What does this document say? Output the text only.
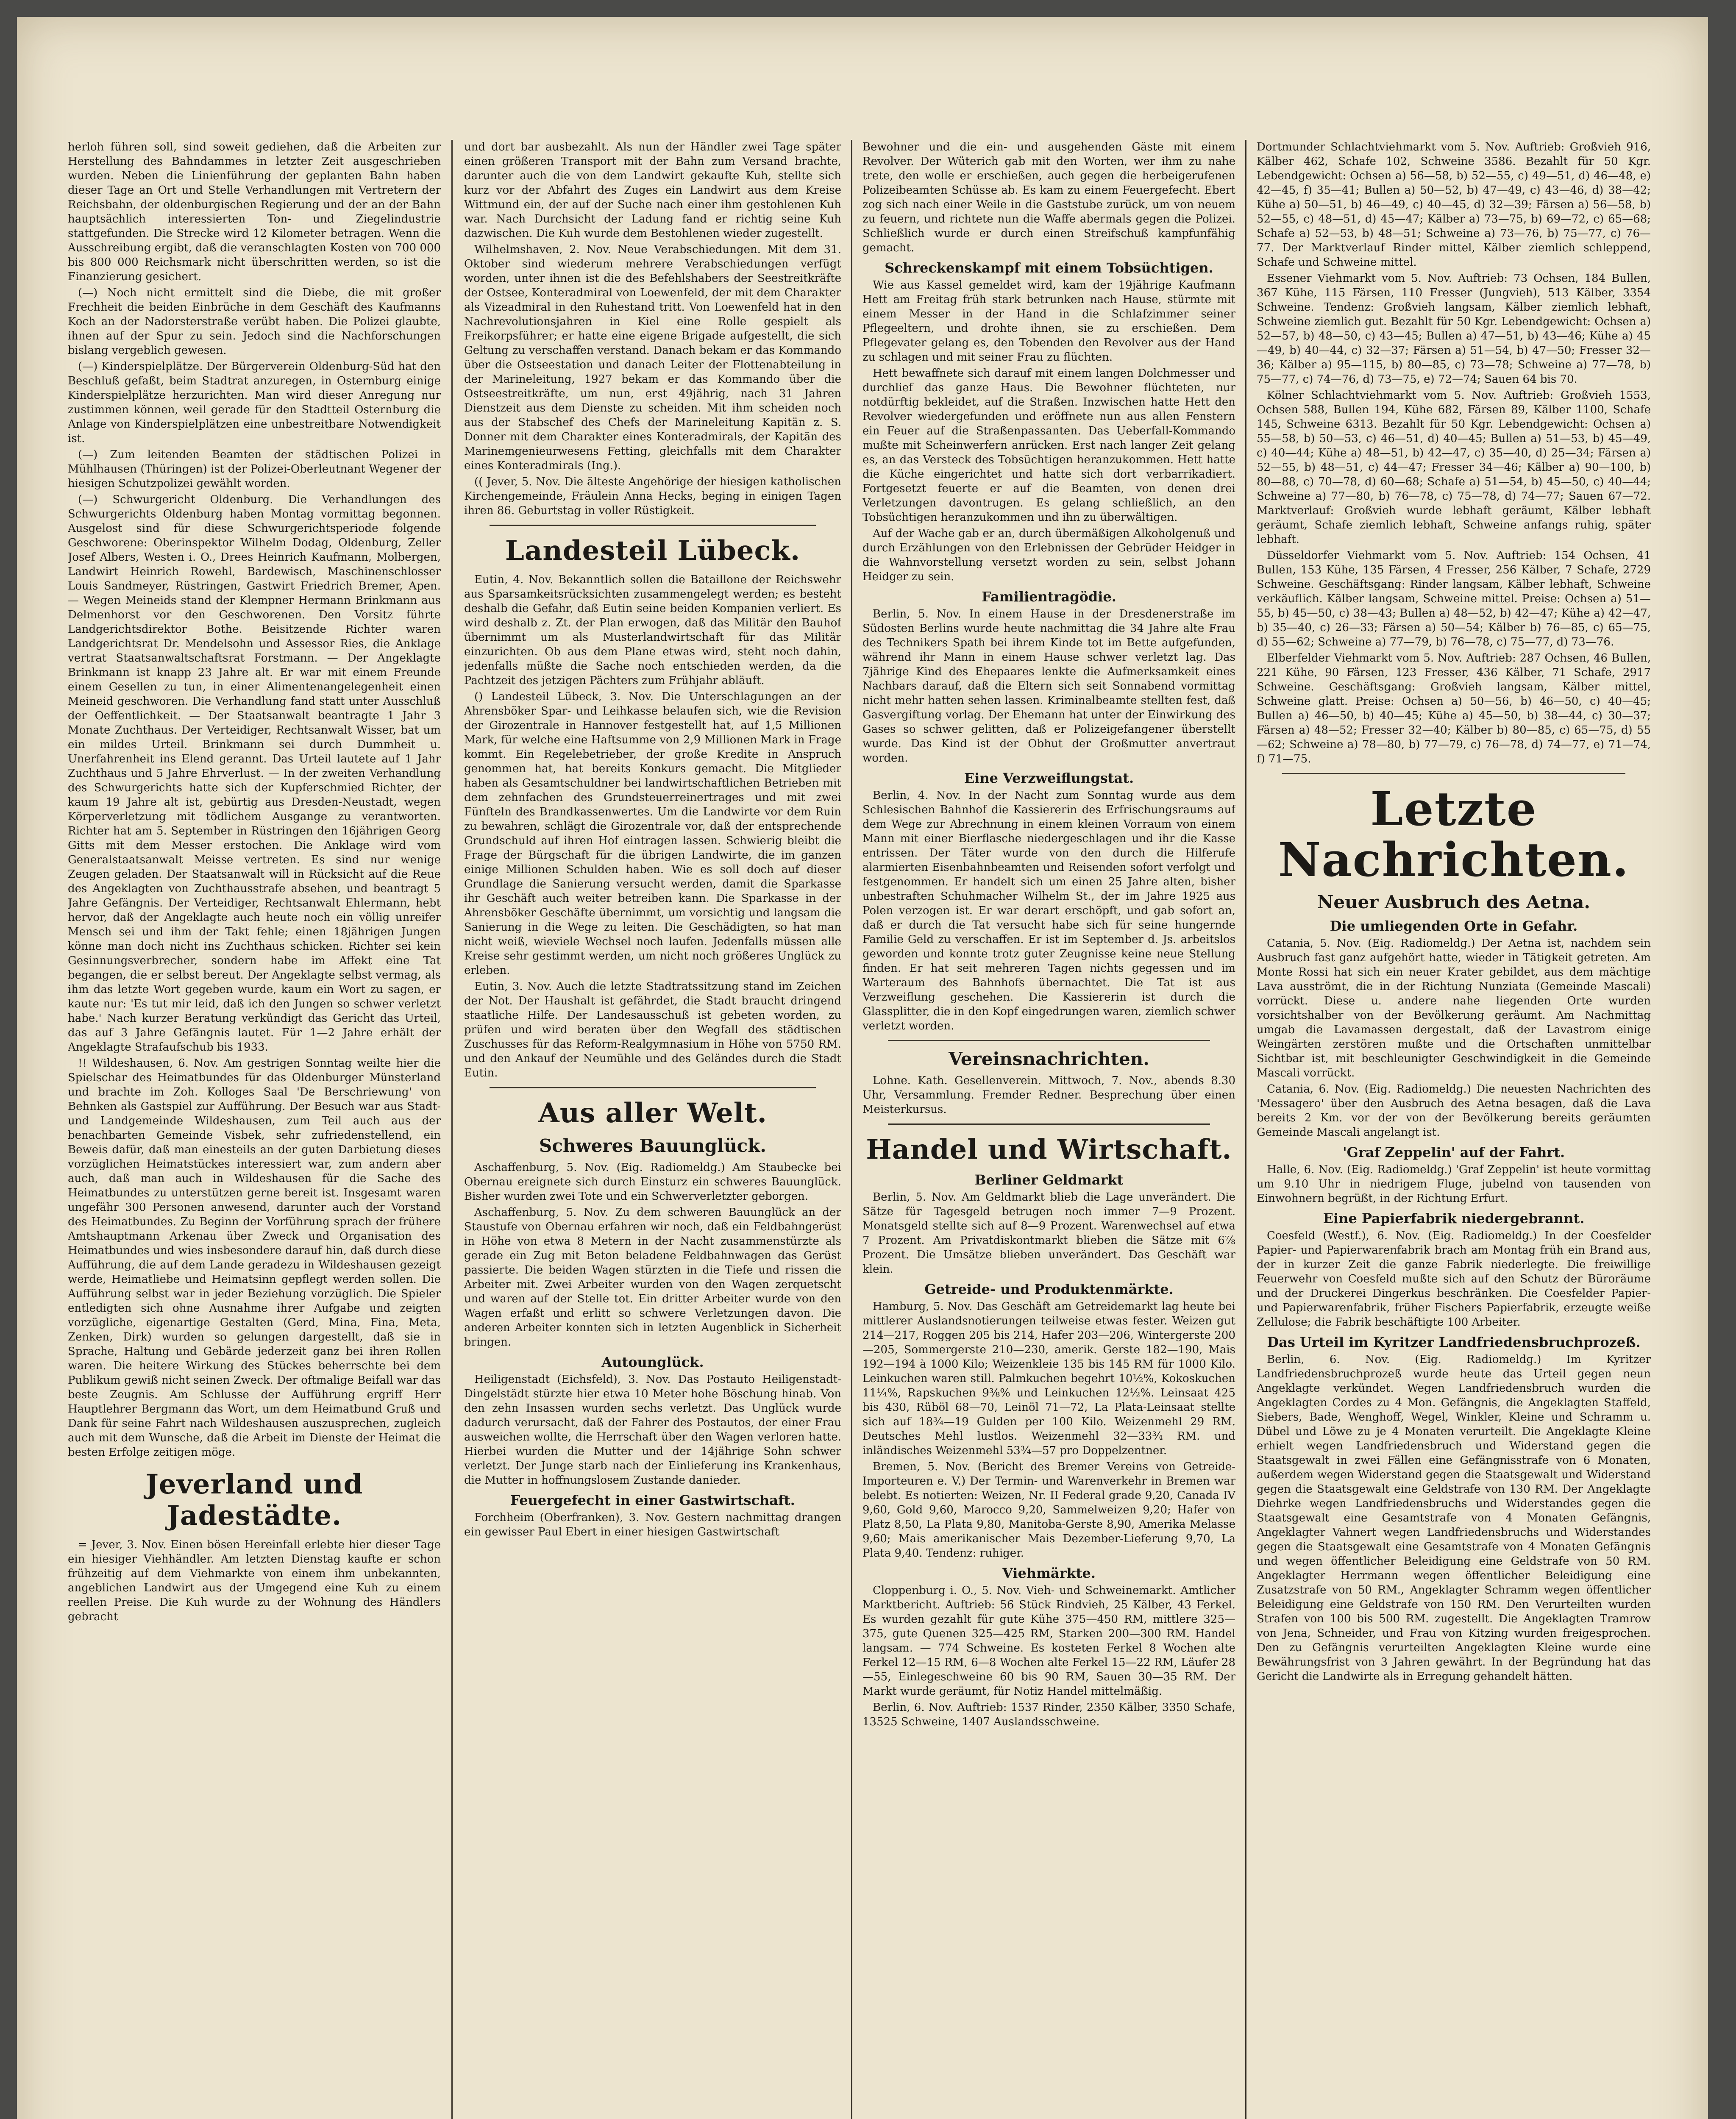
herloh führen soll, sind soweit gediehen, daß die Arbeiten zur Herstellung des Bahndammes in letzter Zeit ausgeschrieben wurden. Neben die Linienführung der geplanten Bahn haben dieser Tage an Ort und Stelle Verhandlungen mit Vertretern der Reichsbahn, der oldenburgischen Regierung und der an der Bahn hauptsächlich interessierten Ton- und Ziegelindustrie stattgefunden. Die Strecke wird 12 Kilometer betragen. Wenn die Ausschreibung ergibt, daß die veranschlagten Kosten von 700 000 bis 800 000 Reichsmark nicht überschritten werden, so ist die Finanzierung gesichert.

(—) Noch nicht ermittelt sind die Diebe, die mit großer Frechheit die beiden Einbrüche in dem Geschäft des Kaufmanns Koch an der Nadorsterstraße verübt haben. Die Polizei glaubte, ihnen auf der Spur zu sein. Jedoch sind die Nachforschungen bislang vergeblich gewesen.

(—) Kinderspielplätze. Der Bürgerverein Oldenburg-Süd hat den Beschluß gefaßt, beim Stadtrat anzuregen, in Osternburg einige Kinderspielplätze herzurichten. Man wird dieser Anregung nur zustimmen können, weil gerade für den Stadtteil Osternburg die Anlage von Kinderspielplätzen eine unbestreitbare Notwendigkeit ist.

(—) Zum leitenden Beamten der städtischen Polizei in Mühlhausen (Thüringen) ist der Polizei-Oberleutnant Wegener der hiesigen Schutzpolizei gewählt worden.

(—) Schwurgericht Oldenburg. Die Verhandlungen des Schwurgerichts Oldenburg haben Montag vormittag begonnen. Ausgelost sind für diese Schwurgerichtsperiode folgende Geschworene: Oberinspektor Wilhelm Dodag, Oldenburg, Zeller Josef Albers, Westen i. O., Drees Heinrich Kaufmann, Molbergen, Landwirt Heinrich Rowehl, Bardewisch, Maschinenschlosser Louis Sandmeyer, Rüstringen, Gastwirt Friedrich Bremer, Apen. — Wegen Meineids stand der Klempner Hermann Brinkmann aus Delmenhorst vor den Geschworenen. Den Vorsitz führte Landgerichtsdirektor Bothe. Beisitzende Richter waren Landgerichtsrat Dr. Mendelsohn und Assessor Ries, die Anklage vertrat Staatsanwaltschaftsrat Forstmann. — Der Angeklagte Brinkmann ist knapp 23 Jahre alt. Er war mit einem Freunde einem Gesellen zu tun, in einer Alimentenangelegenheit einen Meineid geschworen. Die Verhandlung fand statt unter Ausschluß der Oeffentlichkeit. — Der Staatsanwalt beantragte 1 Jahr 3 Monate Zuchthaus. Der Verteidiger, Rechtsanwalt Wisser, bat um ein mildes Urteil. Brinkmann sei durch Dummheit u. Unerfahrenheit ins Elend gerannt. Das Urteil lautete auf 1 Jahr Zuchthaus und 5 Jahre Ehrverlust. — In der zweiten Verhandlung des Schwurgerichts hatte sich der Kupferschmied Richter, der kaum 19 Jahre alt ist, gebürtig aus Dresden-Neustadt, wegen Körperverletzung mit tödlichem Ausgange zu verantworten. Richter hat am 5. September in Rüstringen den 16jährigen Georg Gitts mit dem Messer erstochen. Die Anklage wird vom Generalstaatsanwalt Meisse vertreten. Es sind nur wenige Zeugen geladen. Der Staatsanwalt will in Rücksicht auf die Reue des Angeklagten von Zuchthausstrafe absehen, und beantragt 5 Jahre Gefängnis. Der Verteidiger, Rechtsanwalt Ehlermann, hebt hervor, daß der Angeklagte auch heute noch ein völlig unreifer Mensch sei und ihm der Takt fehle; einen 18jährigen Jungen könne man doch nicht ins Zuchthaus schicken. Richter sei kein Gesinnungsverbrecher, sondern habe im Affekt eine Tat begangen, die er selbst bereut. Der Angeklagte selbst vermag, als ihm das letzte Wort gegeben wurde, kaum ein Wort zu sagen, er kaute nur: 'Es tut mir leid, daß ich den Jungen so schwer verletzt habe.' Nach kurzer Beratung verkündigt das Gericht das Urteil, das auf 3 Jahre Gefängnis lautet. Für 1—2 Jahre erhält der Angeklagte Strafaufschub bis 1933.

!! Wildeshausen, 6. Nov. Am gestrigen Sonntag weilte hier die Spielschar des Heimatbundes für das Oldenburger Münsterland und brachte im Zoh. Kolloges Saal 'De Berschriewung' von Behnken als Gastspiel zur Aufführung. Der Besuch war aus Stadt- und Landgemeinde Wildeshausen, zum Teil auch aus der benachbarten Gemeinde Visbek, sehr zufriedenstellend, ein Beweis dafür, daß man einesteils an der guten Darbietung dieses vorzüglichen Heimatstückes interessiert war, zum andern aber auch, daß man auch in Wildeshausen für die Sache des Heimatbundes zu unterstützen gerne bereit ist. Insgesamt waren ungefähr 300 Personen anwesend, darunter auch der Vorstand des Heimatbundes. Zu Beginn der Vorführung sprach der frühere Amtshauptmann Arkenau über Zweck und Organisation des Heimatbundes und wies insbesondere darauf hin, daß durch diese Aufführung, die auf dem Lande geradezu in Wildeshausen gezeigt werde, Heimatliebe und Heimatsinn gepflegt werden sollen. Die Aufführung selbst war in jeder Beziehung vorzüglich. Die Spieler entledigten sich ohne Ausnahme ihrer Aufgabe und zeigten vorzügliche, eigenartige Gestalten (Gerd, Mina, Fina, Meta, Zenken, Dirk) wurden so gelungen dargestellt, daß sie in Sprache, Haltung und Gebärde jederzeit ganz bei ihren Rollen waren. Die heitere Wirkung des Stückes beherrschte bei dem Publikum gewiß nicht seinen Zweck. Der oftmalige Beifall war das beste Zeugnis. Am Schlusse der Aufführung ergriff Herr Hauptlehrer Bergmann das Wort, um dem Heimatbund Gruß und Dank für seine Fahrt nach Wildeshausen auszusprechen, zugleich auch mit dem Wunsche, daß die Arbeit im Dienste der Heimat die besten Erfolge zeitigen möge.

Jeverland und Jadestädte.

= Jever, 3. Nov. Einen bösen Hereinfall erlebte hier dieser Tage ein hiesiger Viehhändler. Am letzten Dienstag kaufte er schon frühzeitig auf dem Viehmarkte von einem ihm unbekannten, angeblichen Landwirt aus der Umgegend eine Kuh zu einem reellen Preise. Die Kuh wurde zu der Wohnung des Händlers gebracht

und dort bar ausbezahlt. Als nun der Händler zwei Tage später einen größeren Transport mit der Bahn zum Versand brachte, darunter auch die von dem Landwirt gekaufte Kuh, stellte sich kurz vor der Abfahrt des Zuges ein Landwirt aus dem Kreise Wittmund ein, der auf der Suche nach einer ihm gestohlenen Kuh war. Nach Durchsicht der Ladung fand er richtig seine Kuh dazwischen. Die Kuh wurde dem Bestohlenen wieder zugestellt.

Wilhelmshaven, 2. Nov. Neue Verabschiedungen. Mit dem 31. Oktober sind wiederum mehrere Verabschiedungen verfügt worden, unter ihnen ist die des Befehlshabers der Seestreitkräfte der Ostsee, Konteradmiral von Loewenfeld, der mit dem Charakter als Vizeadmiral in den Ruhestand tritt. Von Loewenfeld hat in den Nachrevolutionsjahren in Kiel eine Rolle gespielt als Freikorpsführer; er hatte eine eigene Brigade aufgestellt, die sich Geltung zu verschaffen verstand. Danach bekam er das Kommando über die Ostseestation und danach Leiter der Flottenabteilung in der Marineleitung, 1927 bekam er das Kommando über die Ostseestreitkräfte, um nun, erst 49jährig, nach 31 Jahren Dienstzeit aus dem Dienste zu scheiden. Mit ihm scheiden noch aus der Stabschef des Chefs der Marineleitung Kapitän z. S. Donner mit dem Charakter eines Konteradmirals, der Kapitän des Marinemgenieurwesens Fetting, gleichfalls mit dem Charakter eines Konteradmirals (Ing.).

(( Jever, 5. Nov. Die älteste Angehörige der hiesigen katholischen Kirchengemeinde, Fräulein Anna Hecks, beging in einigen Tagen ihren 86. Geburtstag in voller Rüstigkeit.

Landesteil Lübeck.

Eutin, 4. Nov. Bekanntlich sollen die Bataillone der Reichswehr aus Sparsamkeitsrücksichten zusammengelegt werden; es besteht deshalb die Gefahr, daß Eutin seine beiden Kompanien verliert. Es wird deshalb z. Zt. der Plan erwogen, daß das Militär den Bauhof übernimmt um als Musterlandwirtschaft für das Militär einzurichten. Ob aus dem Plane etwas wird, steht noch dahin, jedenfalls müßte die Sache noch entschieden werden, da die Pachtzeit des jetzigen Pächters zum Frühjahr abläuft.

() Landesteil Lübeck, 3. Nov. Die Unterschlagungen an der Ahrensböker Spar- und Leihkasse belaufen sich, wie die Revision der Girozentrale in Hannover festgestellt hat, auf 1,5 Millionen Mark, für welche eine Haftsumme von 2,9 Millionen Mark in Frage kommt. Ein Regelebetrieber, der große Kredite in Anspruch genommen hat, hat bereits Konkurs gemacht. Die Mitglieder haben als Gesamtschuldner bei landwirtschaftlichen Betrieben mit dem zehnfachen des Grundsteuerreinertrages und mit zwei Fünfteln des Brandkassenwertes. Um die Landwirte vor dem Ruin zu bewahren, schlägt die Girozentrale vor, daß der entsprechende Grundschuld auf ihren Hof eintragen lassen. Schwierig bleibt die Frage der Bürgschaft für die übrigen Landwirte, die im ganzen einige Millionen Schulden haben. Wie es soll doch auf dieser Grundlage die Sanierung versucht werden, damit die Sparkasse ihr Geschäft auch weiter betreiben kann. Die Sparkasse in der Ahrensböker Geschäfte übernimmt, um vorsichtig und langsam die Sanierung in die Wege zu leiten. Die Geschädigten, so hat man nicht weiß, wieviele Wechsel noch laufen. Jedenfalls müssen alle Kreise sehr gestimmt werden, um nicht noch größeres Unglück zu erleben.

Eutin, 3. Nov. Auch die letzte Stadtratssitzung stand im Zeichen der Not. Der Haushalt ist gefährdet, die Stadt braucht dringend staatliche Hilfe. Der Landesausschuß ist gebeten worden, zu prüfen und wird beraten über den Wegfall des städtischen Zuschusses für das Reform-Realgymnasium in Höhe von 5750 RM. und den Ankauf der Neumühle und des Geländes durch die Stadt Eutin.

Aus aller Welt.
Schweres Bauunglück.

Aschaffenburg, 5. Nov. (Eig. Radiomeldg.) Am Staubecke bei Obernau ereignete sich durch Einsturz ein schweres Bauunglück. Bisher wurden zwei Tote und ein Schwerverletzter geborgen.

Aschaffenburg, 5. Nov. Zu dem schweren Bauunglück an der Staustufe von Obernau erfahren wir noch, daß ein Feldbahngerüst in Höhe von etwa 8 Metern in der Nacht zusammenstürzte als gerade ein Zug mit Beton beladene Feldbahnwagen das Gerüst passierte. Die beiden Wagen stürzten in die Tiefe und rissen die Arbeiter mit. Zwei Arbeiter wurden von den Wagen zerquetscht und waren auf der Stelle tot. Ein dritter Arbeiter wurde von den Wagen erfaßt und erlitt so schwere Verletzungen davon. Die anderen Arbeiter konnten sich in letzten Augenblick in Sicherheit bringen.

Autounglück.

Heiligenstadt (Eichsfeld), 3. Nov. Das Postauto Heiligenstadt-Dingelstädt stürzte hier etwa 10 Meter hohe Böschung hinab. Von den zehn Insassen wurden sechs verletzt. Das Unglück wurde dadurch verursacht, daß der Fahrer des Postautos, der einer Frau ausweichen wollte, die Herrschaft über den Wagen verloren hatte. Hierbei wurden die Mutter und der 14jährige Sohn schwer verletzt. Der Junge starb nach der Einlieferung ins Krankenhaus, die Mutter in hoffnungslosem Zustande danieder.

Feuergefecht in einer Gastwirtschaft.

Forchheim (Oberfranken), 3. Nov. Gestern nachmittag drangen ein gewisser Paul Ebert in einer hiesigen Gastwirtschaft

Bewohner und die ein- und ausgehenden Gäste mit einem Revolver. Der Wüterich gab mit den Worten, wer ihm zu nahe trete, den wolle er erschießen, auch gegen die herbeigerufenen Polizeibeamten Schüsse ab. Es kam zu einem Feuergefecht. Ebert zog sich nach einer Weile in die Gaststube zurück, um von neuem zu feuern, und richtete nun die Waffe abermals gegen die Polizei. Schließlich wurde er durch einen Streifschuß kampfunfähig gemacht.

Schreckenskampf mit einem Tobsüchtigen.

Wie aus Kassel gemeldet wird, kam der 19jährige Kaufmann Hett am Freitag früh stark betrunken nach Hause, stürmte mit einem Messer in der Hand in die Schlafzimmer seiner Pflegeeltern, und drohte ihnen, sie zu erschießen. Dem Pflegevater gelang es, den Tobenden den Revolver aus der Hand zu schlagen und mit seiner Frau zu flüchten.

Hett bewaffnete sich darauf mit einem langen Dolchmesser und durchlief das ganze Haus. Die Bewohner flüchteten, nur notdürftig bekleidet, auf die Straßen. Inzwischen hatte Hett den Revolver wiedergefunden und eröffnete nun aus allen Fenstern ein Feuer auf die Straßenpassanten. Das Ueberfall-Kommando mußte mit Scheinwerfern anrücken. Erst nach langer Zeit gelang es, an das Versteck des Tobsüchtigen heranzukommen. Hett hatte die Küche eingerichtet und hatte sich dort verbarrikadiert. Fortgesetzt feuerte er auf die Beamten, von denen drei Verletzungen davontrugen. Es gelang schließlich, an den Tobsüchtigen heranzukommen und ihn zu überwältigen.

Auf der Wache gab er an, durch übermäßigen Alkoholgenuß und durch Erzählungen von den Erlebnissen der Gebrüder Heidger in die Wahnvorstellung versetzt worden zu sein, selbst Johann Heidger zu sein.

Familientragödie.

Berlin, 5. Nov. In einem Hause in der Dresdenerstraße im Südosten Berlins wurde heute nachmittag die 34 Jahre alte Frau des Technikers Spath bei ihrem Kinde tot im Bette aufgefunden, während ihr Mann in einem Hause schwer verletzt lag. Das 7jährige Kind des Ehepaares lenkte die Aufmerksamkeit eines Nachbars darauf, daß die Eltern sich seit Sonnabend vormittag nicht mehr hatten sehen lassen. Kriminalbeamte stellten fest, daß Gasvergiftung vorlag. Der Ehemann hat unter der Einwirkung des Gases so schwer gelitten, daß er Polizeigefangener überstellt wurde. Das Kind ist der Obhut der Großmutter anvertraut worden.

Eine Verzweiflungstat.

Berlin, 4. Nov. In der Nacht zum Sonntag wurde aus dem Schlesischen Bahnhof die Kassiererin des Erfrischungsraums auf dem Wege zur Abrechnung in einem kleinen Vorraum von einem Mann mit einer Bierflasche niedergeschlagen und ihr die Kasse entrissen. Der Täter wurde von den durch die Hilferufe alarmierten Eisenbahnbeamten und Reisenden sofort verfolgt und festgenommen. Er handelt sich um einen 25 Jahre alten, bisher unbestraften Schuhmacher Wilhelm St., der im Jahre 1925 aus Polen verzogen ist. Er war derart erschöpft, und gab sofort an, daß er durch die Tat versucht habe sich für seine hungernde Familie Geld zu verschaffen. Er ist im September d. Js. arbeitslos geworden und konnte trotz guter Zeugnisse keine neue Stellung finden. Er hat seit mehreren Tagen nichts gegessen und im Warteraum des Bahnhofs übernachtet. Die Tat ist aus Verzweiflung geschehen. Die Kassiererin ist durch die Glassplitter, die in den Kopf eingedrungen waren, ziemlich schwer verletzt worden.

Vereinsnachrichten.

Lohne. Kath. Gesellenverein. Mittwoch, 7. Nov., abends 8.30 Uhr, Versammlung. Fremder Redner. Besprechung über einen Meisterkursus.

Handel und Wirtschaft.
Berliner Geldmarkt

Berlin, 5. Nov. Am Geldmarkt blieb die Lage unverändert. Die Sätze für Tagesgeld betrugen noch immer 7—9 Prozent. Monatsgeld stellte sich auf 8—9 Prozent. Warenwechsel auf etwa 7 Prozent. Am Privatdiskontmarkt blieben die Sätze mit 6⅞ Prozent. Die Umsätze blieben unverändert. Das Geschäft war klein.

Getreide- und Produktenmärkte.

Hamburg, 5. Nov. Das Geschäft am Getreidemarkt lag heute bei mittlerer Auslandsnotierungen teilweise etwas fester. Weizen gut 214—217, Roggen 205 bis 214, Hafer 203—206, Wintergerste 200—205, Sommergerste 210—230, amerik. Gerste 182—190, Mais 192—194 à 1000 Kilo; Weizenkleie 135 bis 145 RM für 1000 Kilo. Leinkuchen waren still. Palmkuchen begehrt 10½%, Kokoskuchen 11¼%, Rapskuchen 9⅜% und Leinkuchen 12½%. Leinsaat 425 bis 430, Rüböl 68—70, Leinöl 71—72, La Plata-Leinsaat stellte sich auf 18¾—19 Gulden per 100 Kilo. Weizenmehl 29 RM. Deutsches Mehl lustlos. Weizenmehl 32—33¾ RM. und inländisches Weizenmehl 53¾—57 pro Doppelzentner.

Bremen, 5. Nov. (Bericht des Bremer Vereins von Getreide-Importeuren e. V.) Der Termin- und Warenverkehr in Bremen war belebt. Es notierten: Weizen, Nr. II Federal grade 9,20, Canada IV 9,60, Gold 9,60, Marocco 9,20, Sammelweizen 9,20; Hafer von Platz 8,50, La Plata 9,80, Manitoba-Gerste 8,90, Amerika Melasse 9,60; Mais amerikanischer Mais Dezember-Lieferung 9,70, La Plata 9,40. Tendenz: ruhiger.

Viehmärkte.

Cloppenburg i. O., 5. Nov. Vieh- und Schweinemarkt. Amtlicher Marktbericht. Auftrieb: 56 Stück Rindvieh, 25 Kälber, 43 Ferkel. Es wurden gezahlt für gute Kühe 375—450 RM, mittlere 325—375, gute Quenen 325—425 RM, Starken 200—300 RM. Handel langsam. — 774 Schweine. Es kosteten Ferkel 8 Wochen alte Ferkel 12—15 RM, 6—8 Wochen alte Ferkel 15—22 RM, Läufer 28—55, Einlegeschweine 60 bis 90 RM, Sauen 30—35 RM. Der Markt wurde geräumt, für Notiz Handel mittelmäßig.

Berlin, 6. Nov. Auftrieb: 1537 Rinder, 2350 Kälber, 3350 Schafe, 13525 Schweine, 1407 Auslandsschweine.

Dortmunder Schlachtviehmarkt vom 5. Nov. Auftrieb: Großvieh 916, Kälber 462, Schafe 102, Schweine 3586. Bezahlt für 50 Kgr. Lebendgewicht: Ochsen a) 56—58, b) 52—55, c) 49—51, d) 46—48, e) 42—45, f) 35—41; Bullen a) 50—52, b) 47—49, c) 43—46, d) 38—42; Kühe a) 50—51, b) 46—49, c) 40—45, d) 32—39; Färsen a) 56—58, b) 52—55, c) 48—51, d) 45—47; Kälber a) 73—75, b) 69—72, c) 65—68; Schafe a) 52—53, b) 48—51; Schweine a) 73—76, b) 75—77, c) 76—77. Der Marktverlauf Rinder mittel, Kälber ziemlich schleppend, Schafe und Schweine mittel.

Essener Viehmarkt vom 5. Nov. Auftrieb: 73 Ochsen, 184 Bullen, 367 Kühe, 115 Färsen, 110 Fresser (Jungvieh), 513 Kälber, 3354 Schweine. Tendenz: Großvieh langsam, Kälber ziemlich lebhaft, Schweine ziemlich gut. Bezahlt für 50 Kgr. Lebendgewicht: Ochsen a) 52—57, b) 48—50, c) 43—45; Bullen a) 47—51, b) 43—46; Kühe a) 45—49, b) 40—44, c) 32—37; Färsen a) 51—54, b) 47—50; Fresser 32—36; Kälber a) 95—115, b) 80—85, c) 73—78; Schweine a) 77—78, b) 75—77, c) 74—76, d) 73—75, e) 72—74; Sauen 64 bis 70.

Kölner Schlachtviehmarkt vom 5. Nov. Auftrieb: Großvieh 1553, Ochsen 588, Bullen 194, Kühe 682, Färsen 89, Kälber 1100, Schafe 145, Schweine 6313. Bezahlt für 50 Kgr. Lebendgewicht: Ochsen a) 55—58, b) 50—53, c) 46—51, d) 40—45; Bullen a) 51—53, b) 45—49, c) 40—44; Kühe a) 48—51, b) 42—47, c) 35—40, d) 25—34; Färsen a) 52—55, b) 48—51, c) 44—47; Fresser 34—46; Kälber a) 90—100, b) 80—88, c) 70—78, d) 60—68; Schafe a) 51—54, b) 45—50, c) 40—44; Schweine a) 77—80, b) 76—78, c) 75—78, d) 74—77; Sauen 67—72. Marktverlauf: Großvieh wurde lebhaft geräumt, Kälber lebhaft geräumt, Schafe ziemlich lebhaft, Schweine anfangs ruhig, später lebhaft.

Düsseldorfer Viehmarkt vom 5. Nov. Auftrieb: 154 Ochsen, 41 Bullen, 153 Kühe, 135 Färsen, 4 Fresser, 256 Kälber, 7 Schafe, 2729 Schweine. Geschäftsgang: Rinder langsam, Kälber lebhaft, Schweine verkäuflich. Kälber langsam, Schweine mittel. Preise: Ochsen a) 51—55, b) 45—50, c) 38—43; Bullen a) 48—52, b) 42—47; Kühe a) 42—47, b) 35—40, c) 26—33; Färsen a) 50—54; Kälber b) 76—85, c) 65—75, d) 55—62; Schweine a) 77—79, b) 76—78, c) 75—77, d) 73—76.

Elberfelder Viehmarkt vom 5. Nov. Auftrieb: 287 Ochsen, 46 Bullen, 221 Kühe, 90 Färsen, 123 Fresser, 436 Kälber, 71 Schafe, 2917 Schweine. Geschäftsgang: Großvieh langsam, Kälber mittel, Schweine glatt. Preise: Ochsen a) 50—56, b) 46—50, c) 40—45; Bullen a) 46—50, b) 40—45; Kühe a) 45—50, b) 38—44, c) 30—37; Färsen a) 48—52; Fresser 32—40; Kälber b) 80—85, c) 65—75, d) 55—62; Schweine a) 78—80, b) 77—79, c) 76—78, d) 74—77, e) 71—74, f) 71—75.

Letzte Nachrichten.
Neuer Ausbruch des Aetna.
Die umliegenden Orte in Gefahr.

Catania, 5. Nov. (Eig. Radiomeldg.) Der Aetna ist, nachdem sein Ausbruch fast ganz aufgehört hatte, wieder in Tätigkeit getreten. Am Monte Rossi hat sich ein neuer Krater gebildet, aus dem mächtige Lava ausströmt, die in der Richtung Nunziata (Gemeinde Mascali) vorrückt. Diese u. andere nahe liegenden Orte wurden vorsichtshalber von der Bevölkerung geräumt. Am Nachmittag umgab die Lavamassen dergestalt, daß der Lavastrom einige Weingärten zerstören mußte und die Ortschaften unmittelbar Sichtbar ist, mit beschleunigter Geschwindigkeit in die Gemeinde Mascali vorrückt.

Catania, 6. Nov. (Eig. Radiomeldg.) Die neuesten Nachrichten des 'Messagero' über den Ausbruch des Aetna besagen, daß die Lava bereits 2 Km. vor der von der Bevölkerung bereits geräumten Gemeinde Mascali angelangt ist.

'Graf Zeppelin' auf der Fahrt.

Halle, 6. Nov. (Eig. Radiomeldg.) 'Graf Zeppelin' ist heute vormittag um 9.10 Uhr in niedrigem Fluge, jubelnd von tausenden von Einwohnern begrüßt, in der Richtung Erfurt.

Eine Papierfabrik niedergebrannt.

Coesfeld (Westf.), 6. Nov. (Eig. Radiomeldg.) In der Coesfelder Papier- und Papierwarenfabrik brach am Montag früh ein Brand aus, der in kurzer Zeit die ganze Fabrik niederlegte. Die freiwillige Feuerwehr von Coesfeld mußte sich auf den Schutz der Büroräume und der Druckerei Dingerkus beschränken. Die Coesfelder Papier- und Papierwarenfabrik, früher Fischers Papierfabrik, erzeugte weiße Zellulose; die Fabrik beschäftigte 100 Arbeiter.

Das Urteil im Kyritzer Landfriedensbruchprozeß.

Berlin, 6. Nov. (Eig. Radiomeldg.) Im Kyritzer Landfriedensbruchprozeß wurde heute das Urteil gegen neun Angeklagte verkündet. Wegen Landfriedensbruch wurden die Angeklagten Cordes zu 4 Mon. Gefängnis, die Angeklagten Staffeld, Siebers, Bade, Wenghoff, Wegel, Winkler, Kleine und Schramm u. Dübel und Löwe zu je 4 Monaten verurteilt. Die Angeklagte Kleine erhielt wegen Landfriedensbruch und Widerstand gegen die Staatsgewalt in zwei Fällen eine Gefängnisstrafe von 6 Monaten, außerdem wegen Widerstand gegen die Staatsgewalt und Widerstand gegen die Staatsgewalt eine Geldstrafe von 130 RM. Der Angeklagte Diehrke wegen Landfriedensbruchs und Widerstandes gegen die Staatsgewalt eine Gesamtstrafe von 4 Monaten Gefängnis, Angeklagter Vahnert wegen Landfriedensbruchs und Widerstandes gegen die Staatsgewalt eine Gesamtstrafe von 4 Monaten Gefängnis und wegen öffentlicher Beleidigung eine Geldstrafe von 50 RM. Angeklagter Herrmann wegen öffentlicher Beleidigung eine Zusatzstrafe von 50 RM., Angeklagter Schramm wegen öffentlicher Beleidigung eine Geldstrafe von 150 RM. Den Verurteilten wurden Strafen von 100 bis 500 RM. zugestellt. Die Angeklagten Tramrow von Jena, Schneider, und Frau von Kitzing wurden freigesprochen. Den zu Gefängnis verurteilten Angeklagten Kleine wurde eine Bewährungsfrist von 3 Jahren gewährt. In der Begründung hat das Gericht die Landwirte als in Erregung gehandelt hätten.
